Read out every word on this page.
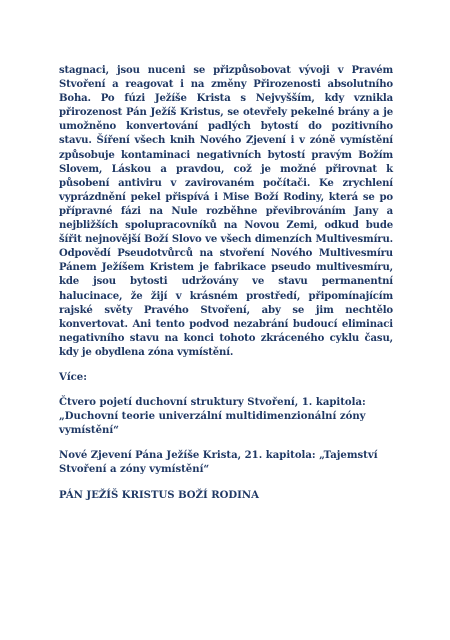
stagnaci, jsou nuceni se přizpůsobovat vývoji v Pravém Stvoření a reagovat i na změny Přirozenosti absolutního Boha. Po fúzi Ježíše Krista s Nejvyšším, kdy vznikla přirozenost Pán Ježíš Kristus, se otevřely pekelné brány a je umožněno konvertování padlých bytostí do pozitivního stavu. Šíření všech knih Nového Zjevení i v zóně vymístění způsobuje kontaminaci negativních bytostí pravým Božím Slovem, Láskou a pravdou, což je možné přirovnat k působení antiviru v zavirovaném počítači. Ke zrychlení vyprázdnění pekel přispívá i Mise Boží Rodiny, která se po přípravné fázi na Nule rozběhne převibrováním Jany a nejbližších spolupracovníků na Novou Zemi, odkud bude šířit nejnovější Boží Slovo ve všech dimenzích Multivesmíru. Odpovědí Pseudotvůrců na stvoření Nového Multivesmíru Pánem Ježíšem Kristem je fabrikace pseudo multivesmíru, kde jsou bytosti udržovány ve stavu permanentní halucinace, že žijí v krásném prostředí, připomínajícím rajské světy Pravého Stvoření, aby se jim nechtělo konvertovat. Ani tento podvod nezabrání budoucí eliminaci negativního stavu na konci tohoto zkráceného cyklu času, kdy je obydlena zóna vymístění.

Více:

Čtvero pojetí duchovní struktury Stvoření, 1. kapitola: „Duchovní teorie univerzální multidimenzionální zóny vymístění“

Nové Zjevení Pána Ježíše Krista, 21. kapitola: „Tajemství Stvoření a zóny vymístění“

PÁN JEŽÍŠ KRISTUS BOŽÍ RODINA
